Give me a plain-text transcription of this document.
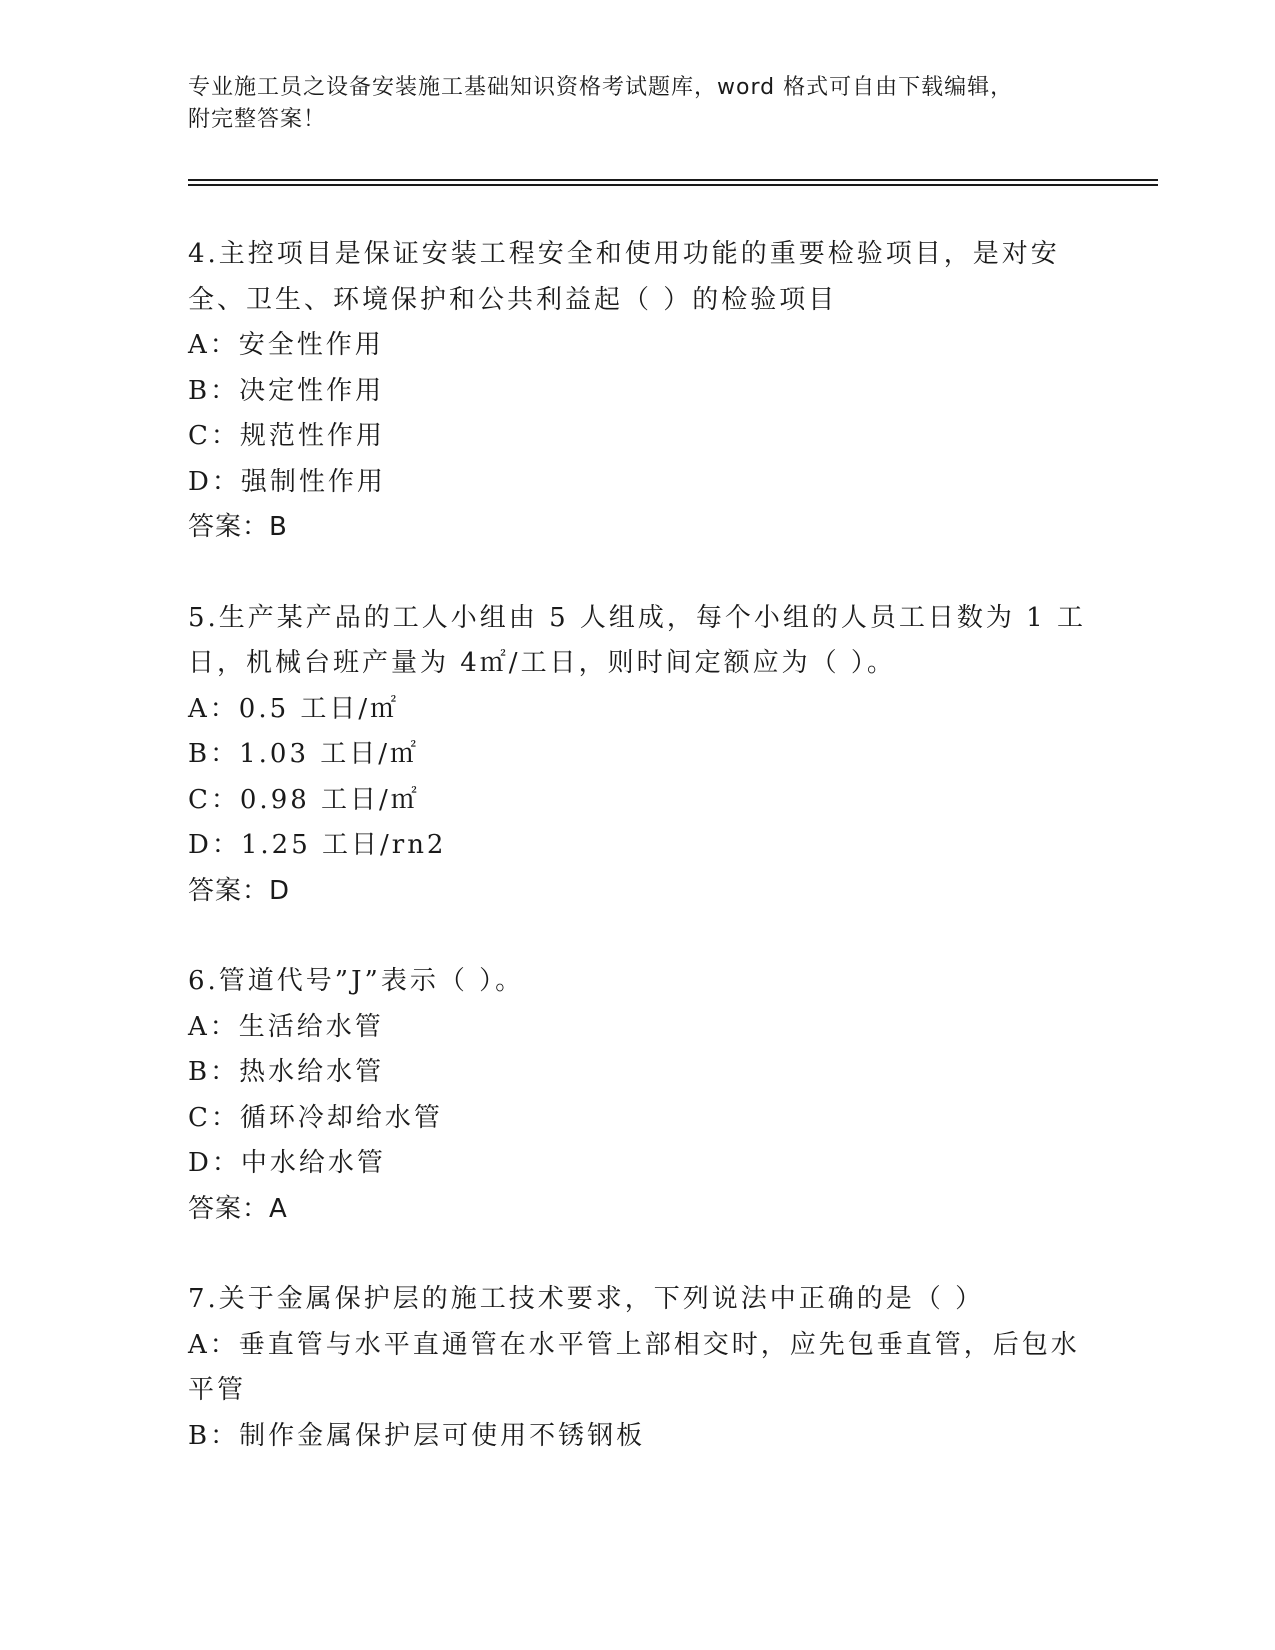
专业施工员之设备安装施工基础知识资格考试题库，word 格式可自由下载编辑，
附完整答案！

4.主控项目是保证安装工程安全和使用功能的重要检验项目，是对安

全、卫生、环境保护和公共利益起（ ）的检验项目

A：安全性作用

B：决定性作用

C：规范性作用

D：强制性作用

答案：B

5.生产某产品的工人小组由 5 人组成，每个小组的人员工日数为 1 工

日，机械台班产量为 4㎡/工日，则时间定额应为（ ）。

A：0.5 工日/㎡

B：1.03 工日/㎡

C：0.98 工日/㎡

D：1.25 工日/rn2

答案：D

6.管道代号”J”表示（ ）。

A：生活给水管

B：热水给水管

C：循环冷却给水管

D：中水给水管

答案：A

7.关于金属保护层的施工技术要求，下列说法中正确的是（ ）

A：垂直管与水平直通管在水平管上部相交时，应先包垂直管，后包水

平管

B：制作金属保护层可使用不锈钢板
